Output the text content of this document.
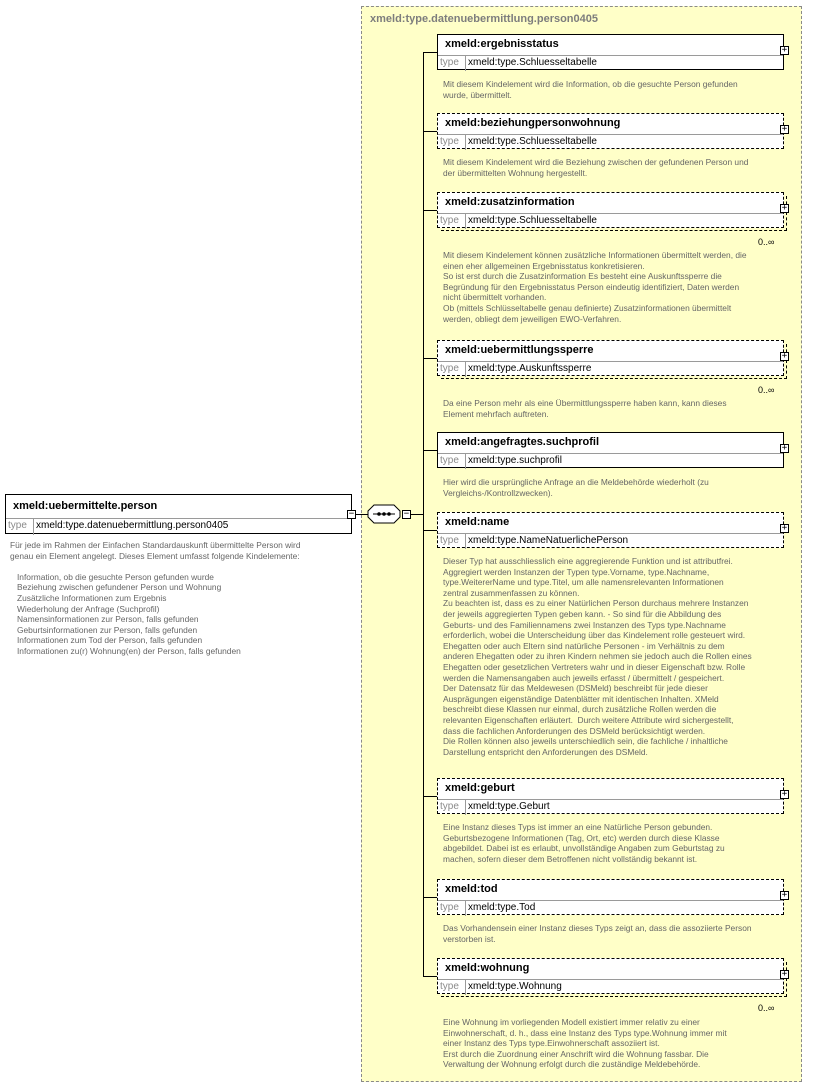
xmeld:type.datenuebermittlung.person0405
xmeld:uebermittelte.person
type xmeld:type.datenuebermittlung.person0405
−
Für jede im Rahmen der Einfachen Standardauskunft übermittelte Person wird
genau ein Element angelegt. Dieses Element umfasst folgende Kindelemente:

Information, ob die gesuchte Person gefunden wurde
Beziehung zwischen gefundener Person und Wohnung
Zusätzliche Informationen zum Ergebnis
Wiederholung der Anfrage (Suchprofil)
Namensinformationen zur Person, falls gefunden
Geburtsinformationen zur Person, falls gefunden
Informationen zum Tod der Person, falls gefunden
Informationen zu(r) Wohnung(en) der Person, falls gefunden
−
xmeld:ergebnisstatus
type xmeld:type.Schluesseltabelle
+
Mit diesem Kindelement wird die Information, ob die gesuchte Person gefunden
wurde, übermittelt.
xmeld:beziehungpersonwohnung
type xmeld:type.Schluesseltabelle
+
Mit diesem Kindelement wird die Beziehung zwischen der gefundenen Person und
der übermittelten Wohnung hergestellt.
xmeld:zusatzinformation
type xmeld:type.Schluesseltabelle
+
0..∞
Mit diesem Kindelement können zusätzliche Informationen übermittelt werden, die
einen eher allgemeinen Ergebnisstatus konkretisieren.
So ist erst durch die Zusatzinformation Es besteht eine Auskunftssperre die
Begründung für den Ergebnisstatus Person eindeutig identifiziert, Daten werden
nicht übermittelt vorhanden.
Ob (mittels Schlüsseltabelle genau definierte) Zusatzinformationen übermittelt
werden, obliegt dem jeweiligen EWO-Verfahren.
xmeld:uebermittlungssperre
type xmeld:type.Auskunftssperre
+
0..∞
Da eine Person mehr als eine Übermittlungssperre haben kann, kann dieses
Element mehrfach auftreten.
xmeld:angefragtes.suchprofil
type xmeld:type.suchprofil
+
Hier wird die ursprüngliche Anfrage an die Meldebehörde wiederholt (zu
Vergleichs-/Kontrollzwecken).
xmeld:name
type xmeld:type.NameNatuerlichePerson
+
Dieser Typ hat ausschliesslich eine aggregierende Funktion und ist attributfrei.
Aggregiert werden Instanzen der Typen type.Vorname, type.Nachname,
type.WeitererName und type.Titel, um alle namensrelevanten Informationen
zentral zusammenfassen zu können.
Zu beachten ist, dass es zu einer Natürlichen Person durchaus mehrere Instanzen
der jeweils aggregierten Typen geben kann. - So sind für die Abbildung des
Geburts- und des Familiennamens zwei Instanzen des Typs type.Nachname
erforderlich, wobei die Unterscheidung über das Kindelement rolle gesteuert wird.
Ehegatten oder auch Eltern sind natürliche Personen - im Verhältnis zu dem
anderen Ehegatten oder zu ihren Kindern nehmen sie jedoch auch die Rollen eines
Ehegatten oder gesetzlichen Vertreters wahr und in dieser Eigenschaft bzw. Rolle
werden die Namensangaben auch jeweils erfasst / übermittelt / gespeichert.
Der Datensatz für das Meldewesen (DSMeld) beschreibt für jede dieser
Ausprägungen eigenständige Datenblätter mit identischen Inhalten. XMeld
beschreibt diese Klassen nur einmal, durch zusätzliche Rollen werden die
relevanten Eigenschaften erläutert.  Durch weitere Attribute wird sichergestellt,
dass die fachlichen Anforderungen des DSMeld berücksichtigt werden.
Die Rollen können also jeweils unterschiedlich sein, die fachliche / inhaltliche
Darstellung entspricht den Anforderungen des DSMeld.
xmeld:geburt
type xmeld:type.Geburt
+
Eine Instanz dieses Typs ist immer an eine Natürliche Person gebunden.
Geburtsbezogene Informationen (Tag, Ort, etc) werden durch diese Klasse
abgebildet. Dabei ist es erlaubt, unvollständige Angaben zum Geburtstag zu
machen, sofern dieser dem Betroffenen nicht vollständig bekannt ist.
xmeld:tod
type xmeld:type.Tod
+
Das Vorhandensein einer Instanz dieses Typs zeigt an, dass die assoziierte Person
verstorben ist.
xmeld:wohnung
type xmeld:type.Wohnung
+
0..∞
Eine Wohnung im vorliegenden Modell existiert immer relativ zu einer
Einwohnerschaft, d. h., dass eine Instanz des Typs type.Wohnung immer mit
einer Instanz des Typs type.Einwohnerschaft assoziiert ist.
Erst durch die Zuordnung einer Anschrift wird die Wohnung fassbar. Die
Verwaltung der Wohnung erfolgt durch die zuständige Meldebehörde.
